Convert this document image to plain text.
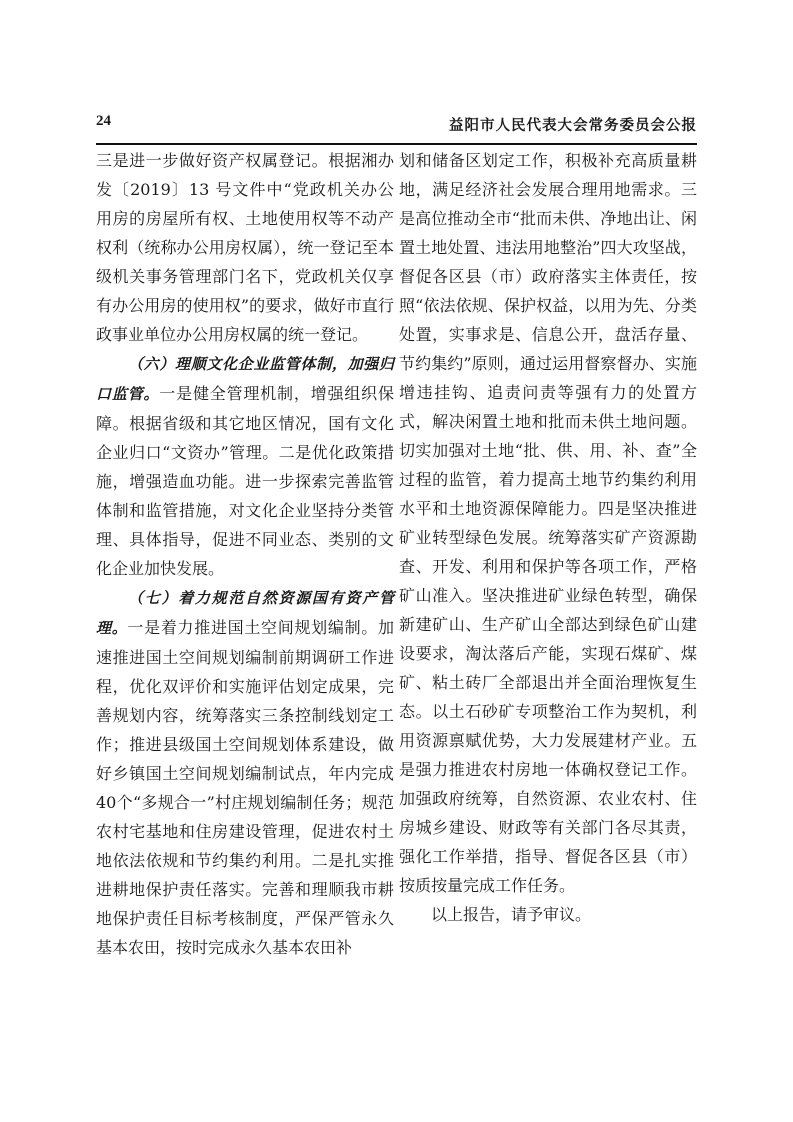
24	益阳市人民代表大会常务委员会公报

三是进一步做好资产权属登记。根据湘办发〔2019〕13 号文件中“党政机关办公用房的房屋所有权、土地使用权等不动产权利（统称办公用房权属），统一登记至本级机关事务管理部门名下，党政机关仅享有办公用房的使用权”的要求，做好市直行政事业单位办公用房权属的统一登记。

（六）理顺文化企业监管体制，加强归口监管。一是健全管理机制，增强组织保障。根据省级和其它地区情况，国有文化企业归口“文资办”管理。二是优化政策措施，增强造血功能。进一步探索完善监管体制和监管措施，对文化企业坚持分类管理、具体指导，促进不同业态、类别的文化企业加快发展。

（七）着力规范自然资源国有资产管理。一是着力推进国土空间规划编制。加速推进国土空间规划编制前期调研工作进程，优化双评价和实施评估划定成果，完善规划内容，统筹落实三条控制线划定工作；推进县级国土空间规划体系建设，做好乡镇国土空间规划编制试点，年内完成40个“多规合一”村庄规划编制任务；规范农村宅基地和住房建设管理，促进农村土地依法依规和节约集约利用。二是扎实推进耕地保护责任落实。完善和理顺我市耕地保护责任目标考核制度，严保严管永久基本农田，按时完成永久基本农田补

划和储备区划定工作，积极补充高质量耕地，满足经济社会发展合理用地需求。三是高位推动全市“批而未供、净地出让、闲置土地处置、违法用地整治”四大攻坚战，督促各区县（市）政府落实主体责任，按照“依法依规、保护权益，以用为先、分类处置，实事求是、信息公开，盘活存量、节约集约”原则，通过运用督察督办、实施增违挂钩、追责问责等强有力的处置方式，解决闲置土地和批而未供土地问题。切实加强对土地“批、供、用、补、查”全过程的监管，着力提高土地节约集约利用水平和土地资源保障能力。四是坚决推进矿业转型绿色发展。统筹落实矿产资源勘查、开发、利用和保护等各项工作，严格矿山准入。坚决推进矿业绿色转型，确保新建矿山、生产矿山全部达到绿色矿山建设要求，淘汰落后产能，实现石煤矿、煤矿、粘土砖厂全部退出并全面治理恢复生态。以土石砂矿专项整治工作为契机，利用资源禀赋优势，大力发展建材产业。五是强力推进农村房地一体确权登记工作。加强政府统筹，自然资源、农业农村、住房城乡建设、财政等有关部门各尽其责，强化工作举措，指导、督促各区县（市）按质按量完成工作任务。

以上报告，请予审议。
